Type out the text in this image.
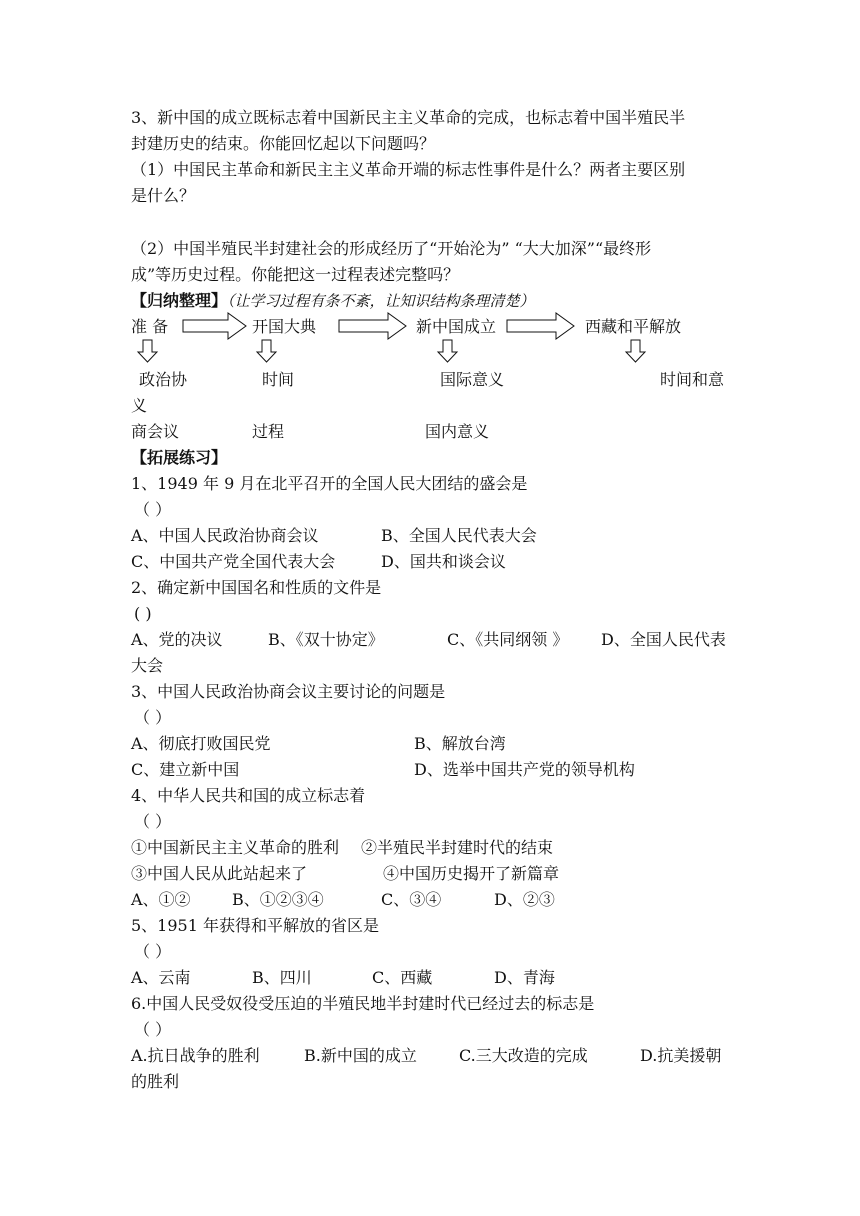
3、新中国的成立既标志着中国新民主主义革命的完成，也标志着中国半殖民半
封建历史的结束。你能回忆起以下问题吗？
（1）中国民主革命和新民主主义革命开端的标志性事件是什么？两者主要区别
是什么？
（2）中国半殖民半封建社会的形成经历了“开始沦为” “大大加深”“最终形
成”等历史过程。你能把这一过程表述完整吗？
【归纳整理】（让学习过程有条不紊，让知识结构条理清楚）
准 备	开国大典	新中国成立	西藏和平解放
政治协	时间	国际意义	时间和意
义
商会议	过程	国内意义
【拓展练习】
1、1949 年 9 月在北平召开的全国人民大团结的盛会是
（ ）
A、中国人民政治协商会议	B、全国人民代表大会
C、中国共产党全国代表大会	D、国共和谈会议
2、确定新中国国名和性质的文件是
( )
A、党的决议	B、《双十协定》	C、《共同纲领 》 D、全国人民代表
大会
3、中国人民政治协商会议主要讨论的问题是
（ ）
A、彻底打败国民党	B、解放台湾
C、建立新中国	D、选举中国共产党的领导机构
4、中华人民共和国的成立标志着
（ ）
①中国新民主主义革命的胜利 ②半殖民半封建时代的结束
③中国人民从此站起来了	④中国历史揭开了新篇章
A、①②	B、①②③④	C、③④	D、②③
5、1951 年获得和平解放的省区是
（ ）
A、云南	B、四川	C、西藏	D、青海
6.中国人民受奴役受压迫的半殖民地半封建时代已经过去的标志是
（ ）
A.抗日战争的胜利	B.新中国的成立	C.三大改造的完成	D.抗美援朝
的胜利
